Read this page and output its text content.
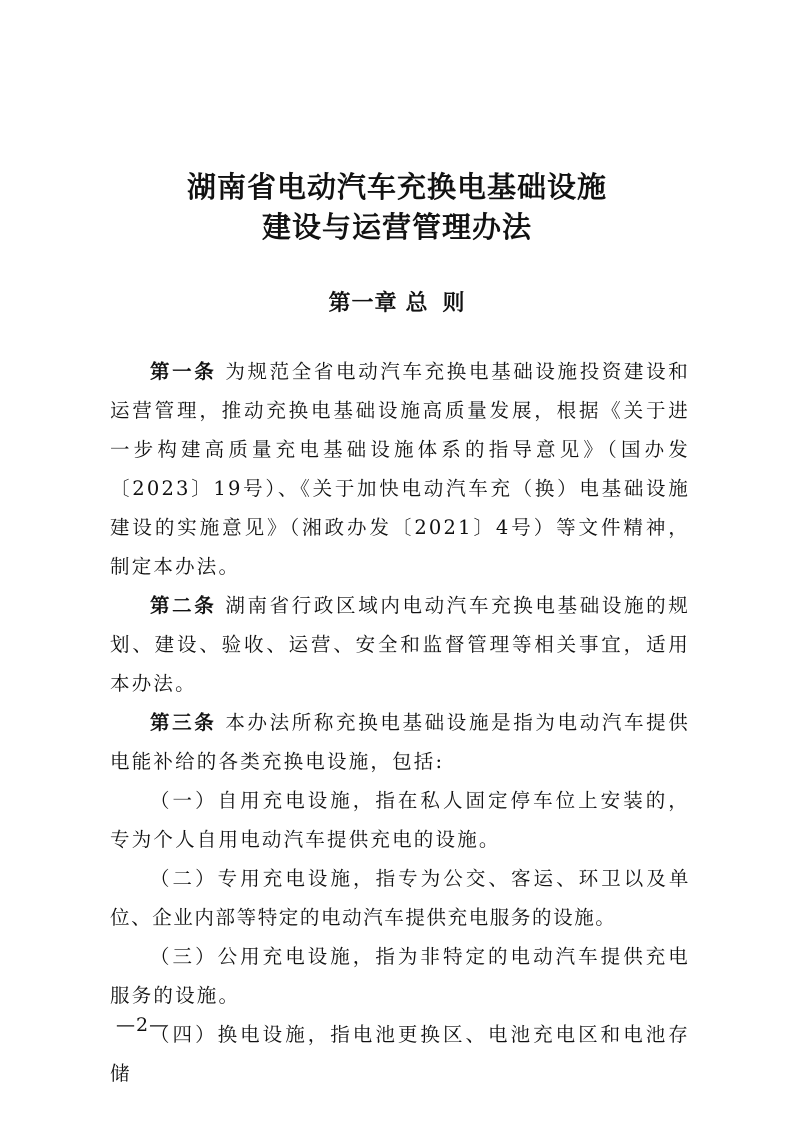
湖南省电动汽车充换电基础设施
建设与运营管理办法
第一章 总 则

第一条 为规范全省电动汽车充换电基础设施投资建设和运营管理，推动充换电基础设施高质量发展，根据《关于进一步构建高质量充电基础设施体系的指导意见》（国办发〔2023〕19号）、《关于加快电动汽车充（换）电基础设施建设的实施意见》（湘政办发〔2021〕4号）等文件精神，制定本办法。

第二条 湖南省行政区域内电动汽车充换电基础设施的规划、建设、验收、运营、安全和监督管理等相关事宜，适用本办法。

第三条 本办法所称充换电基础设施是指为电动汽车提供电能补给的各类充换电设施，包括:

（一）自用充电设施，指在私人固定停车位上安装的，专为个人自用电动汽车提供充电的设施。

（二）专用充电设施，指专为公交、客运、环卫以及单位、企业内部等特定的电动汽车提供充电服务的设施。

（三）公用充电设施，指为非特定的电动汽车提供充电服务的设施。

（四）换电设施，指电池更换区、电池充电区和电池存储

—2—
